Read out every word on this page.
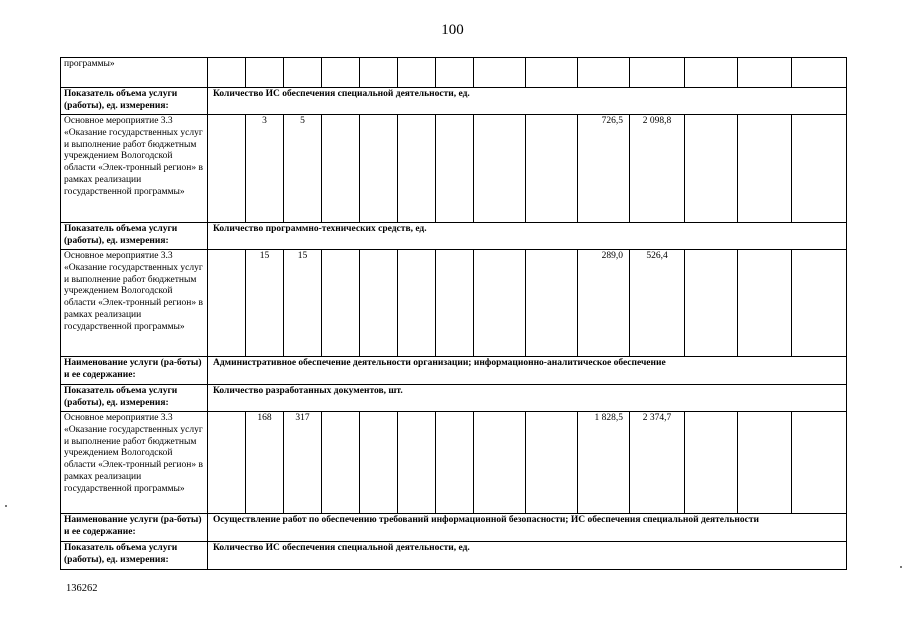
100
программы»														
Показатель объема услуги (работы), ед. измерения:	Количество ИС обеспечения специальной деятельности, ед.													
Основное мероприятие 3.3 «Оказание государственных услуг и выполнение работ бюджетным учреждением Вологодской области «Элек-тронный регион» в рамках реализации государственной программы»		3	5							726,5	2 098,8			
Показатель объема услуги (работы), ед. измерения:	Количество программно-технических средств, ед.													
Основное мероприятие 3.3 «Оказание государственных услуг и выполнение работ бюджетным учреждением Вологодской области «Элек-тронный регион» в рамках реализации государственной программы»		15	15							289,0	526,4			
Наименование услуги (ра-боты) и ее содержание:	Административное обеспечение деятельности организации; информационно-аналитическое обеспечение													
Показатель объема услуги (работы), ед. измерения:	Количество разработанных документов, шт.													
Основное мероприятие 3.3 «Оказание государственных услуг и выполнение работ бюджетным учреждением Вологодской области «Элек-тронный регион» в рамках реализации государственной программы»		168	317							1 828,5	2 374,7			
Наименование услуги (ра-боты) и ее содержание:	Осуществление работ по обеспечению требований информационной безопасности; ИС обеспечения специальной деятельности													
Показатель объема услуги (работы), ед. измерения:	Количество ИС обеспечения специальной деятельности, ед.													
136262
